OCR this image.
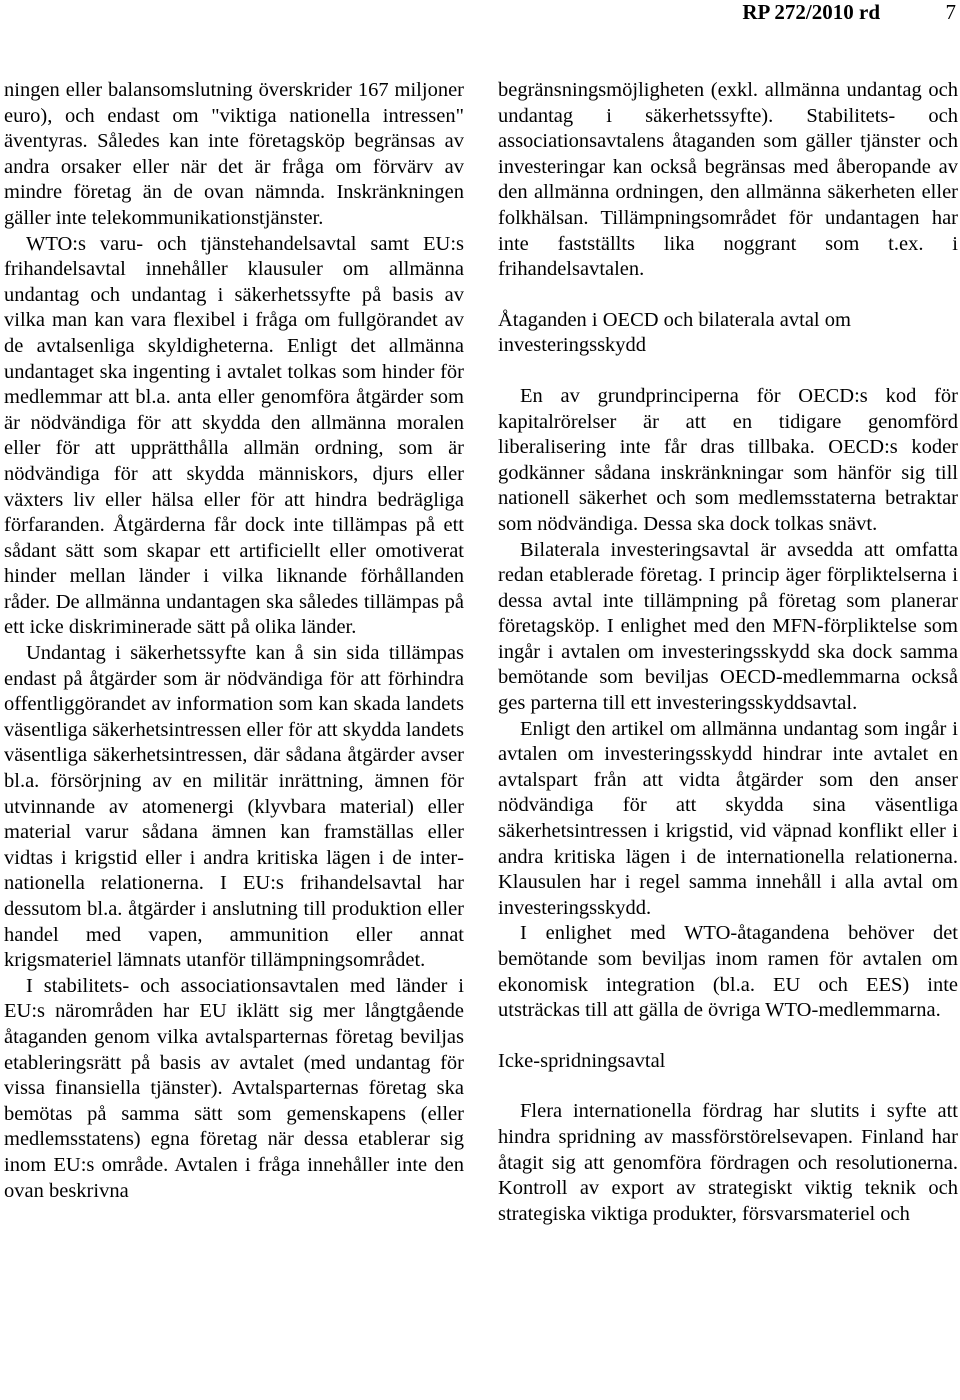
RP 272/2010 rd	7

ningen eller balansomslutning överskrider 167 miljoner euro), och endast om "viktiga nationella intressen" äventyras. Således kan inte företagsköp begränsas av andra orsaker eller när det är fråga om förvärv av mindre företag än de ovan nämnda. Inskränkningen gäller inte telekommunikationstjänster.

WTO:s varu- och tjänstehandelsavtal samt EU:s frihandelsavtal innehåller klausuler om allmänna undantag och undantag i säkerhetssyfte på basis av vilka man kan vara flexibel i fråga om fullgörandet av de avtalsenliga skyldigheterna. Enligt det allmänna undantaget ska ingenting i avtalet tolkas som hinder för medlemmar att bl.a. anta eller genomföra åtgärder som är nödvändiga för att skydda den allmänna moralen eller för att upprätthålla allmän ordning, som är nödvändiga för att skydda människors, djurs eller växters liv eller hälsa eller för att hindra bedrägliga förfaranden. Åtgärderna får dock inte tillämpas på ett sådant sätt som skapar ett artificiellt eller omotiverat hinder mellan länder i vilka liknande förhållanden råder. De allmänna undantagen ska således tillämpas på ett icke diskriminerade sätt på olika länder.

Undantag i säkerhetssyfte kan å sin sida tillämpas endast på åtgärder som är nödvändiga för att förhindra offentliggörandet av information som kan skada landets väsentliga säkerhetsintressen eller för att skydda landets väsentliga säkerhetsintressen, där sådana åtgärder avser bl.a. försörjning av en militär inrättning, ämnen för utvinnande av atomenergi (klyvbara material) eller material varur sådana ämnen kan framställas eller vidtas i krigstid eller i andra kritiska lägen i de internationella relationerna. I EU:s frihandelsavtal har dessutom bl.a. åtgärder i anslutning till produktion eller handel med vapen, ammunition eller annat krigsmateriel lämnats utanför tillämpningsområdet.

I stabilitets- och associationsavtalen med länder i EU:s närområden har EU iklätt sig mer långtgående åtaganden genom vilka avtalsparternas företag beviljas etableringsrätt på basis av avtalet (med undantag för vissa finansiella tjänster). Avtalsparternas företag ska bemötas på samma sätt som gemenskapens (eller medlemsstatens) egna företag när dessa etablerar sig inom EU:s område. Avtalen i fråga innehåller inte den ovan beskrivna

begränsningsmöjligheten (exkl. allmänna undantag och undantag i säkerhetssyfte). Stabilitets- och associationsavtalens åtaganden som gäller tjänster och investeringar kan också begränsas med åberopande av den allmänna ordningen, den allmänna säkerheten eller folkhälsan. Tillämpningsområdet för undantagen har inte fastställts lika noggrant som t.ex. i frihandelsavtalen.

Åtaganden i OECD och bilaterala avtal om investeringsskydd

En av grundprinciperna för OECD:s kod för kapitalrörelser är att en tidigare genomförd liberalisering inte får dras tillbaka. OECD:s koder godkänner sådana inskränkningar som hänför sig till nationell säkerhet och som medlemsstaterna betraktar som nödvändiga. Dessa ska dock tolkas snävt.

Bilaterala investeringsavtal är avsedda att omfatta redan etablerade företag. I princip äger förpliktelserna i dessa avtal inte tillämpning på företag som planerar företagsköp. I enlighet med den MFN-förpliktelse som ingår i avtalen om investeringsskydd ska dock samma bemötande som beviljas OECD-medlemmarna också ges parterna till ett investeringsskyddsavtal.

Enligt den artikel om allmänna undantag som ingår i avtalen om investeringsskydd hindrar inte avtalet en avtalspart från att vidta åtgärder som den anser nödvändiga för att skydda sina väsentliga säkerhetsintressen i krigstid, vid väpnad konflikt eller i andra kritiska lägen i de internationella relationerna. Klausulen har i regel samma innehåll i alla avtal om investeringsskydd.

I enlighet med WTO-åtagandena behöver det bemötande som beviljas inom ramen för avtalen om ekonomisk integration (bl.a. EU och EES) inte utsträckas till att gälla de övriga WTO-medlemmarna.

Icke-spridningsavtal

Flera internationella fördrag har slutits i syfte att hindra spridning av massförstörelsevapen. Finland har åtagit sig att genomföra fördragen och resolutionerna. Kontroll av export av strategiskt viktig teknik och strategiska viktiga produkter, försvarsmateriel och
